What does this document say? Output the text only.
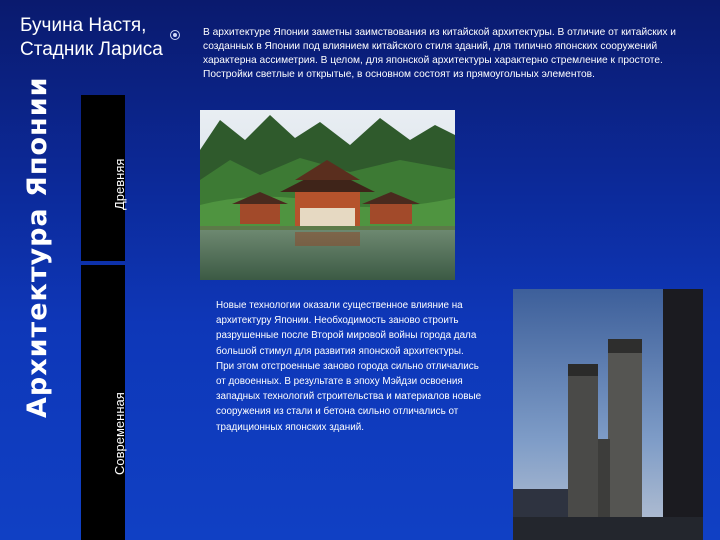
Бучина Настя,
Стадник Лариса
Архитектура Японии	Древняя
Современная

В архитектуре Японии заметны заимствования из китайской архитектуры. В отличие от китайских и созданных в Японии под влиянием китайского стиля зданий, для типично японских сооружений характерна ассиметрия. В целом, для японской архитектуры характерно стремление к простоте. Постройки светлые и открытые, в основном состоят из прямоугольных элементов.

Новые технологии оказали существенное влияние на архитектуру Японии. Необходимость заново строить разрушенные после Второй мировой войны города дала большой стимул для развития японской архитектуры. При этом отстроенные заново города сильно отличались от довоенных. В результате в эпоху Мэйдзи освоения западных технологий строительства и материалов новые сооружения из стали и бетона сильно отличались от традиционных японских зданий.
